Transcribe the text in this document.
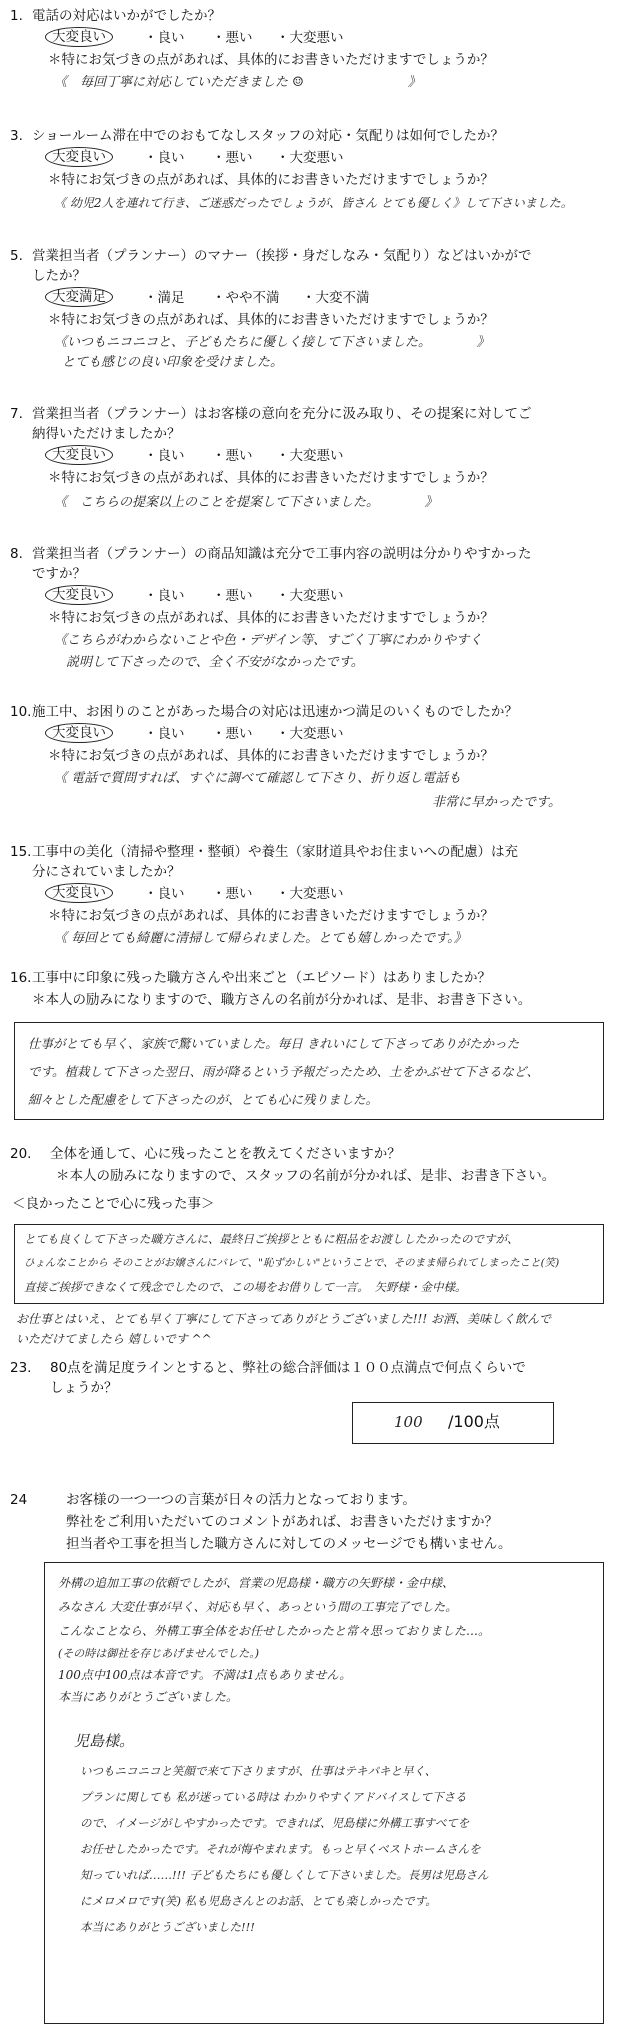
1. 電話の対応はいかがでしたか？
大変良い	・良い ・悪い ・大変悪い
＊特にお気づきの点があれば、具体的にお書きいただけますでしょうか？
《　毎回丁寧に対応していただきました ☺　　　　　　　　》
3. ショールーム滞在中でのおもてなしスタッフの対応・気配りは如何でしたか？
大変良い	・良い ・悪い ・大変悪い
＊特にお気づきの点があれば、具体的にお書きいただけますでしょうか？
《 幼児2人を連れて行き、ご迷惑だったでしょうが、皆さん とても優しく》して下さいました。
5. 営業担当者（プランナー）のマナー（挨拶・身だしなみ・気配り）などはいかがで
したか？
大変満足	・満足 ・やや不満 ・大変不満
＊特にお気づきの点があれば、具体的にお書きいただけますでしょうか？
《いつもニコニコと、子どもたちに優しく接して下さいました。　　　　》
とても感じの良い印象を受けました。
7. 営業担当者（プランナー）はお客様の意向を充分に汲み取り、その提案に対してご
納得いただけましたか？
大変良い	・良い ・悪い ・大変悪い
＊特にお気づきの点があれば、具体的にお書きいただけますでしょうか？
《　こちらの提案以上のことを提案して下さいました。　　　　》
8. 営業担当者（プランナー）の商品知識は充分で工事内容の説明は分かりやすかった
ですか？
大変良い	・良い ・悪い ・大変悪い
＊特にお気づきの点があれば、具体的にお書きいただけますでしょうか？
《こちらがわからないことや色・デザイン等、すごく丁寧にわかりやすく
説明して下さったので、全く不安がなかったです。
10.施工中、お困りのことがあった場合の対応は迅速かつ満足のいくものでしたか？
大変良い	・良い ・悪い ・大変悪い
＊特にお気づきの点があれば、具体的にお書きいただけますでしょうか？
《 電話で質問すれば、すぐに調べて確認して下さり、折り返し電話も
非常に早かったです。
15.工事中の美化（清掃や整理・整頓）や養生（家財道具やお住まいへの配慮）は充
分にされていましたか？
大変良い	・良い ・悪い ・大変悪い
＊特にお気づきの点があれば、具体的にお書きいただけますでしょうか？
《 毎回とても綺麗に清掃して帰られました。とても嬉しかったです。》
16.工事中に印象に残った職方さんや出来ごと（エピソード）はありましたか？
＊本人の励みになりますので、職方さんの名前が分かれば、是非、お書き下さい。
仕事がとても早く、家族で驚いていました。毎日 きれいにして下さってありがたかった
です。植栽して下さった翌日、雨が降るという予報だったため、土をかぶせて下さるなど、
細々とした配慮をして下さったのが、とても心に残りました。
20. 全体を通して、心に残ったことを教えてくださいますか？
＊本人の励みになりますので、スタッフの名前が分かれば、是非、お書き下さい。
＜良かったことで心に残った事＞
とても良くして下さった職方さんに、最終日ご挨拶とともに粗品をお渡ししたかったのですが、
ひょんなことから そのことがお嬢さんにバレて、"恥ずかしい"ということで、そのまま帰られてしまったこと(笑)
直接ご挨拶できなくて残念でしたので、この場をお借りして一言。　矢野様・金中様。
お仕事とはいえ、とても早く丁寧にして下さってありがとうございました!!! お酒、美味しく飲んで
いただけてましたら 嬉しいです ^^
23. 80点を満足度ラインとすると、弊社の総合評価は１００点満点で何点くらいで
しょうか？
100 /100点
24	お客様の一つ一つの言葉が日々の活力となっております。
弊社をご利用いただいてのコメントがあれば、お書きいただけますか？
担当者や工事を担当した職方さんに対してのメッセージでも構いません。
外構の追加工事の依頼でしたが、営業の児島様・職方の矢野様・金中様、
みなさん 大変仕事が早く、対応も早く、あっという間の工事完了でした。
こんなことなら、外構工事全体をお任せしたかったと常々思っておりました…。
(その時は御社を存じあげませんでした。)
100点中100点は本音です。不満は1点もありません。
本当にありがとうございました。
児島様。
いつもニコニコと笑顔で来て下さりますが、仕事はテキパキと早く、
プランに関しても 私が迷っている時は わかりやすくアドバイスして下さる
ので、イメージがしやすかったです。できれば、児島様に外構工事すべてを
お任せしたかったです。それが悔やまれます。もっと早くベストホームさんを
知っていれば……!!! 子どもたちにも優しくして下さいました。長男は児島さん
にメロメロです(笑) 私も児島さんとのお話、とても楽しかったです。
本当にありがとうございました!!!
